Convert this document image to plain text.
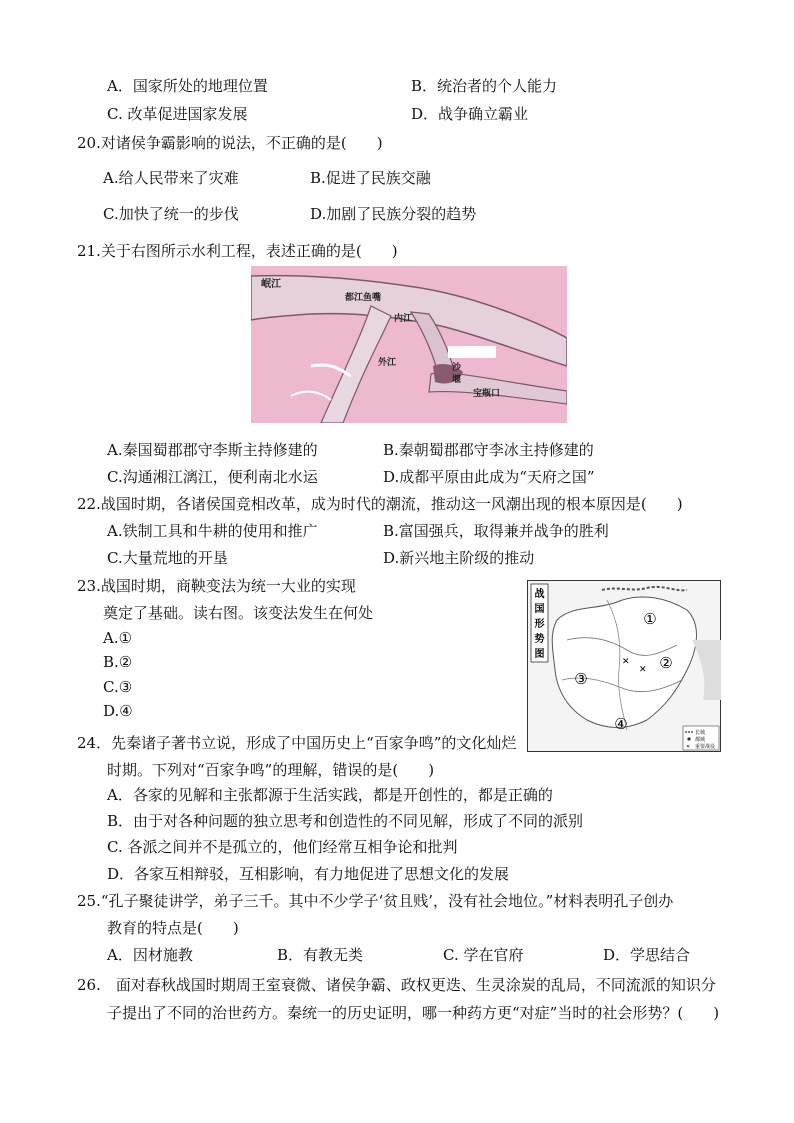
A．国家所处的地理位置	B．统治者的个人能力
C. 改革促进国家发展	D．战争确立霸业
20.对诸侯争霸影响的说法，不正确的是(　　)
A.给人民带来了灾难	B.促进了民族交融
C.加快了统一的步伐	D.加剧了民族分裂的趋势
21.关于右图所示水利工程，表述正确的是(　　)
岷江
都江鱼嘴
内江
外江	沙
堰
宝瓶口
A.秦国蜀郡郡守李斯主持修建的	B.秦朝蜀郡郡守李冰主持修建的
C.沟通湘江漓江，便利南北水运	D.成都平原由此成为“天府之国”
22.战国时期，各诸侯国竞相改革，成为时代的潮流，推动这一风潮出现的根本原因是(　　)
A.铁制工具和牛耕的使用和推广	B.富国强兵，取得兼并战争的胜利
C.大量荒地的开垦	D.新兴地主阶级的推动
23.战国时期，商鞅变法为统一大业的实现
奠定了基础。读右图。该变法发生在何处
A.①
B.②
C.③
D.④
战
国
形
势
图
①
②
③
④
✕
✕
长城
都城
✕ 重要战役
24．先秦诸子著书立说，形成了中国历史上“百家争鸣”的文化灿烂
时期。下列对“百家争鸣”的理解，错误的是(　　)
A．各家的见解和主张都源于生活实践，都是开创性的，都是正确的
B．由于对各种问题的独立思考和创造性的不同见解，形成了不同的派别
C. 各派之间并不是孤立的，他们经常互相争论和批判
D．各家互相辩驳，互相影响，有力地促进了思想文化的发展
25.“孔子聚徒讲学，弟子三千。其中不少学子‘贫且贱’，没有社会地位。”材料表明孔子创办
教育的特点是(　　)
A．因材施教	B．有教无类	C. 学在官府	D．学思结合
26.　面对春秋战国时期周王室衰微、诸侯争霸、政权更迭、生灵涂炭的乱局，不同流派的知识分
子提出了不同的治世药方。秦统一的历史证明，哪一种药方更“对症”当时的社会形势？(　　)
